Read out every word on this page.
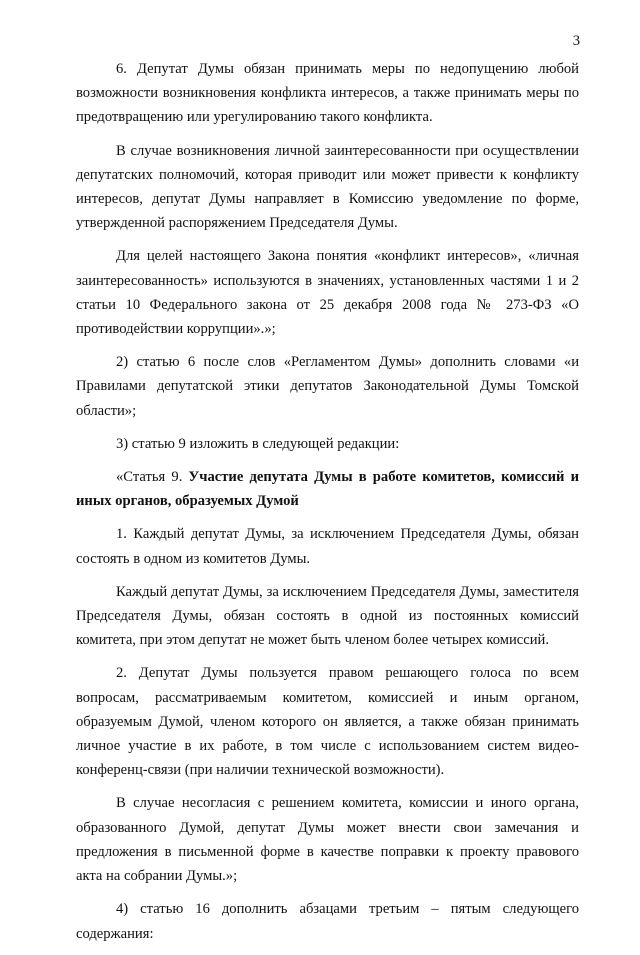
3

6. Депутат Думы обязан принимать меры по недопущению любой возможности возникновения конфликта интересов, а также принимать меры по предотвращению или урегулированию такого конфликта.

В случае возникновения личной заинтересованности при осуществлении депутатских полномочий, которая приводит или может привести к конфликту интересов, депутат Думы направляет в Комиссию уведомление по форме, утвержденной распоряжением Председателя Думы.

Для целей настоящего Закона понятия «конфликт интересов», «личная заинтересованность» используются в значениях, установленных частями 1 и 2 статьи 10 Федерального закона от 25 декабря 2008 года № 273-ФЗ «О противодействии коррупции».»;

2) статью 6 после слов «Регламентом Думы» дополнить словами «и Правилами депутатской этики депутатов Законодательной Думы Томской области»;

3) статью 9 изложить в следующей редакции:

«Статья 9. Участие депутата Думы в работе комитетов, комиссий и иных органов, образуемых Думой

1. Каждый депутат Думы, за исключением Председателя Думы, обязан состоять в одном из комитетов Думы.

Каждый депутат Думы, за исключением Председателя Думы, заместителя Председателя Думы, обязан состоять в одной из постоянных комиссий комитета, при этом депутат не может быть членом более четырех комиссий.

2. Депутат Думы пользуется правом решающего голоса по всем вопросам, рассматриваемым комитетом, комиссией и иным органом, образуемым Думой, членом которого он является, а также обязан принимать личное участие в их работе, в том числе с использованием систем видео-конференц-связи (при наличии технической возможности).

В случае несогласия с решением комитета, комиссии и иного органа, образованного Думой, депутат Думы может внести свои замечания и предложения в письменной форме в качестве поправки к проекту правового акта на собрании Думы.»;

4) статью 16 дополнить абзацами третьим – пятым следующего содержания:
